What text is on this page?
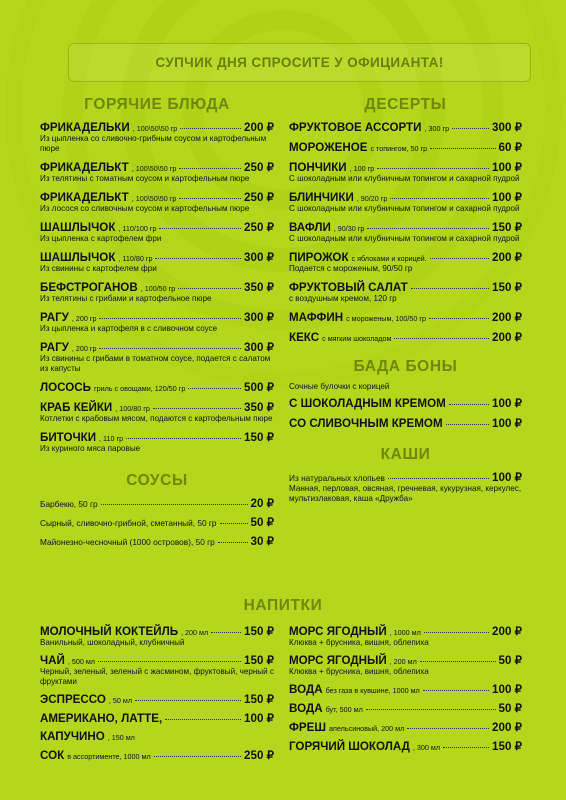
СУПЧИК ДНЯ СПРОСИТЕ У ОФИЦИАНТА!
ГОРЯЧИЕ БЛЮДА
ФРИКАДЕЛЬКИ , 100\50\50 гр	200 ₽
Из цыпленка со сливочно-грибным соусом и картофельным пюре
ФРИКАДЕЛЬКТ , 100\50\50 гр	250 ₽
Из телятины с томатным соусом и картофельным пюре
ФРИКАДЕЛЬКТ , 100\50\50 гр	250 ₽
Из лосося со сливочным соусом и картофельным пюре
ШАШЛЫЧОК , 110/100 гр	250 ₽
Из цыпленка с картофелем фри
ШАШЛЫЧОК , 110/80 гр	300 ₽
Из свинины с картофелем фри
БЕФСТРОГАНОВ , 100/50 гр	350 ₽
Из телятины с грибами и картофельное пюре
РАГУ , 200 гр	300 ₽
Из цыпленка и картофеля в с сливочном соусе
РАГУ , 200 гр	300 ₽
Из свинины с грибами в томатном соусе, подается с салатом из капусты
ЛОСОСЬ гриль с овощами, 120/50 гр	500 ₽
КРАБ КЕЙКИ , 100/80 гр	350 ₽
Котлетки с крабовым мясом, подаются с картофельным пюре
БИТОЧКИ , 110 гр	150 ₽
Из куриного мяса паровые
СОУСЫ
Барбекю, 50 гр	20 ₽
Сырный, сливочно-грибной, сметанный, 50 гр	50 ₽
Майонезно-чесночный (1000 островов), 50 гр	30 ₽
ДЕСЕРТЫ
ФРУКТОВОЕ АССОРТИ , 300 гр	300 ₽
МОРОЖЕНОЕ с топингом, 50 гр	60 ₽
ПОНЧИКИ , 100 гр	100 ₽
С шоколадным или клубничным топингом и сахарной пудрой
БЛИНЧИКИ , 90/20 гр	100 ₽
С шоколадным или клубничным топингом и сахарной пудрой
ВАФЛИ , 90/30 гр	150 ₽
С шоколадным или клубничным топингом и сахарной пудрой
ПИРОЖОК с яблоками и корицей.	200 ₽
Подается с мороженым, 90/50 гр
ФРУКТОВЫЙ САЛАТ	150 ₽
с воздушным кремом, 120 гр
МАФФИН с мороженым, 100/50 гр	200 ₽
КЕКС с мягким шоколадом	200 ₽
БАДА БОНЫ
Сочные булочки с корицей
С ШОКОЛАДНЫМ КРЕМОМ	100 ₽
СО СЛИВОЧНЫМ КРЕМОМ	100 ₽
КАШИ
Из натуральных хлопьев	100 ₽
Манная, перловая, овсяная, гречневая, кукурузная, керкулес, мультизлаковая, каша «Дружба»
НАПИТКИ
МОЛОЧНЫЙ КОКТЕЙЛЬ , 200 мл	150 ₽
Ванильный, шоколадный, клубничный
ЧАЙ , 500 мл	150 ₽
Черный, зеленый, зеленый с жасмином, фруктовый, черный с фруктами
ЭСПРЕССО , 50 мл	150 ₽
АМЕРИКАНО, ЛАТТЕ,	100 ₽
КАПУЧИНО , 150 мл
СОК в ассортименте, 1000 мл	250 ₽
МОРС ЯГОДНЫЙ , 1000 мл	200 ₽
Клюква + брусника, вишня, облепиха
МОРС ЯГОДНЫЙ , 200 мл	50 ₽
Клюква + брусника, вишня, облепиха
ВОДА без газа в кувшине, 1000 мл	100 ₽
ВОДА бут, 500 мл	50 ₽
ФРЕШ апельсиновый, 200 мл	200 ₽
ГОРЯЧИЙ ШОКОЛАД , 300 мл	150 ₽
